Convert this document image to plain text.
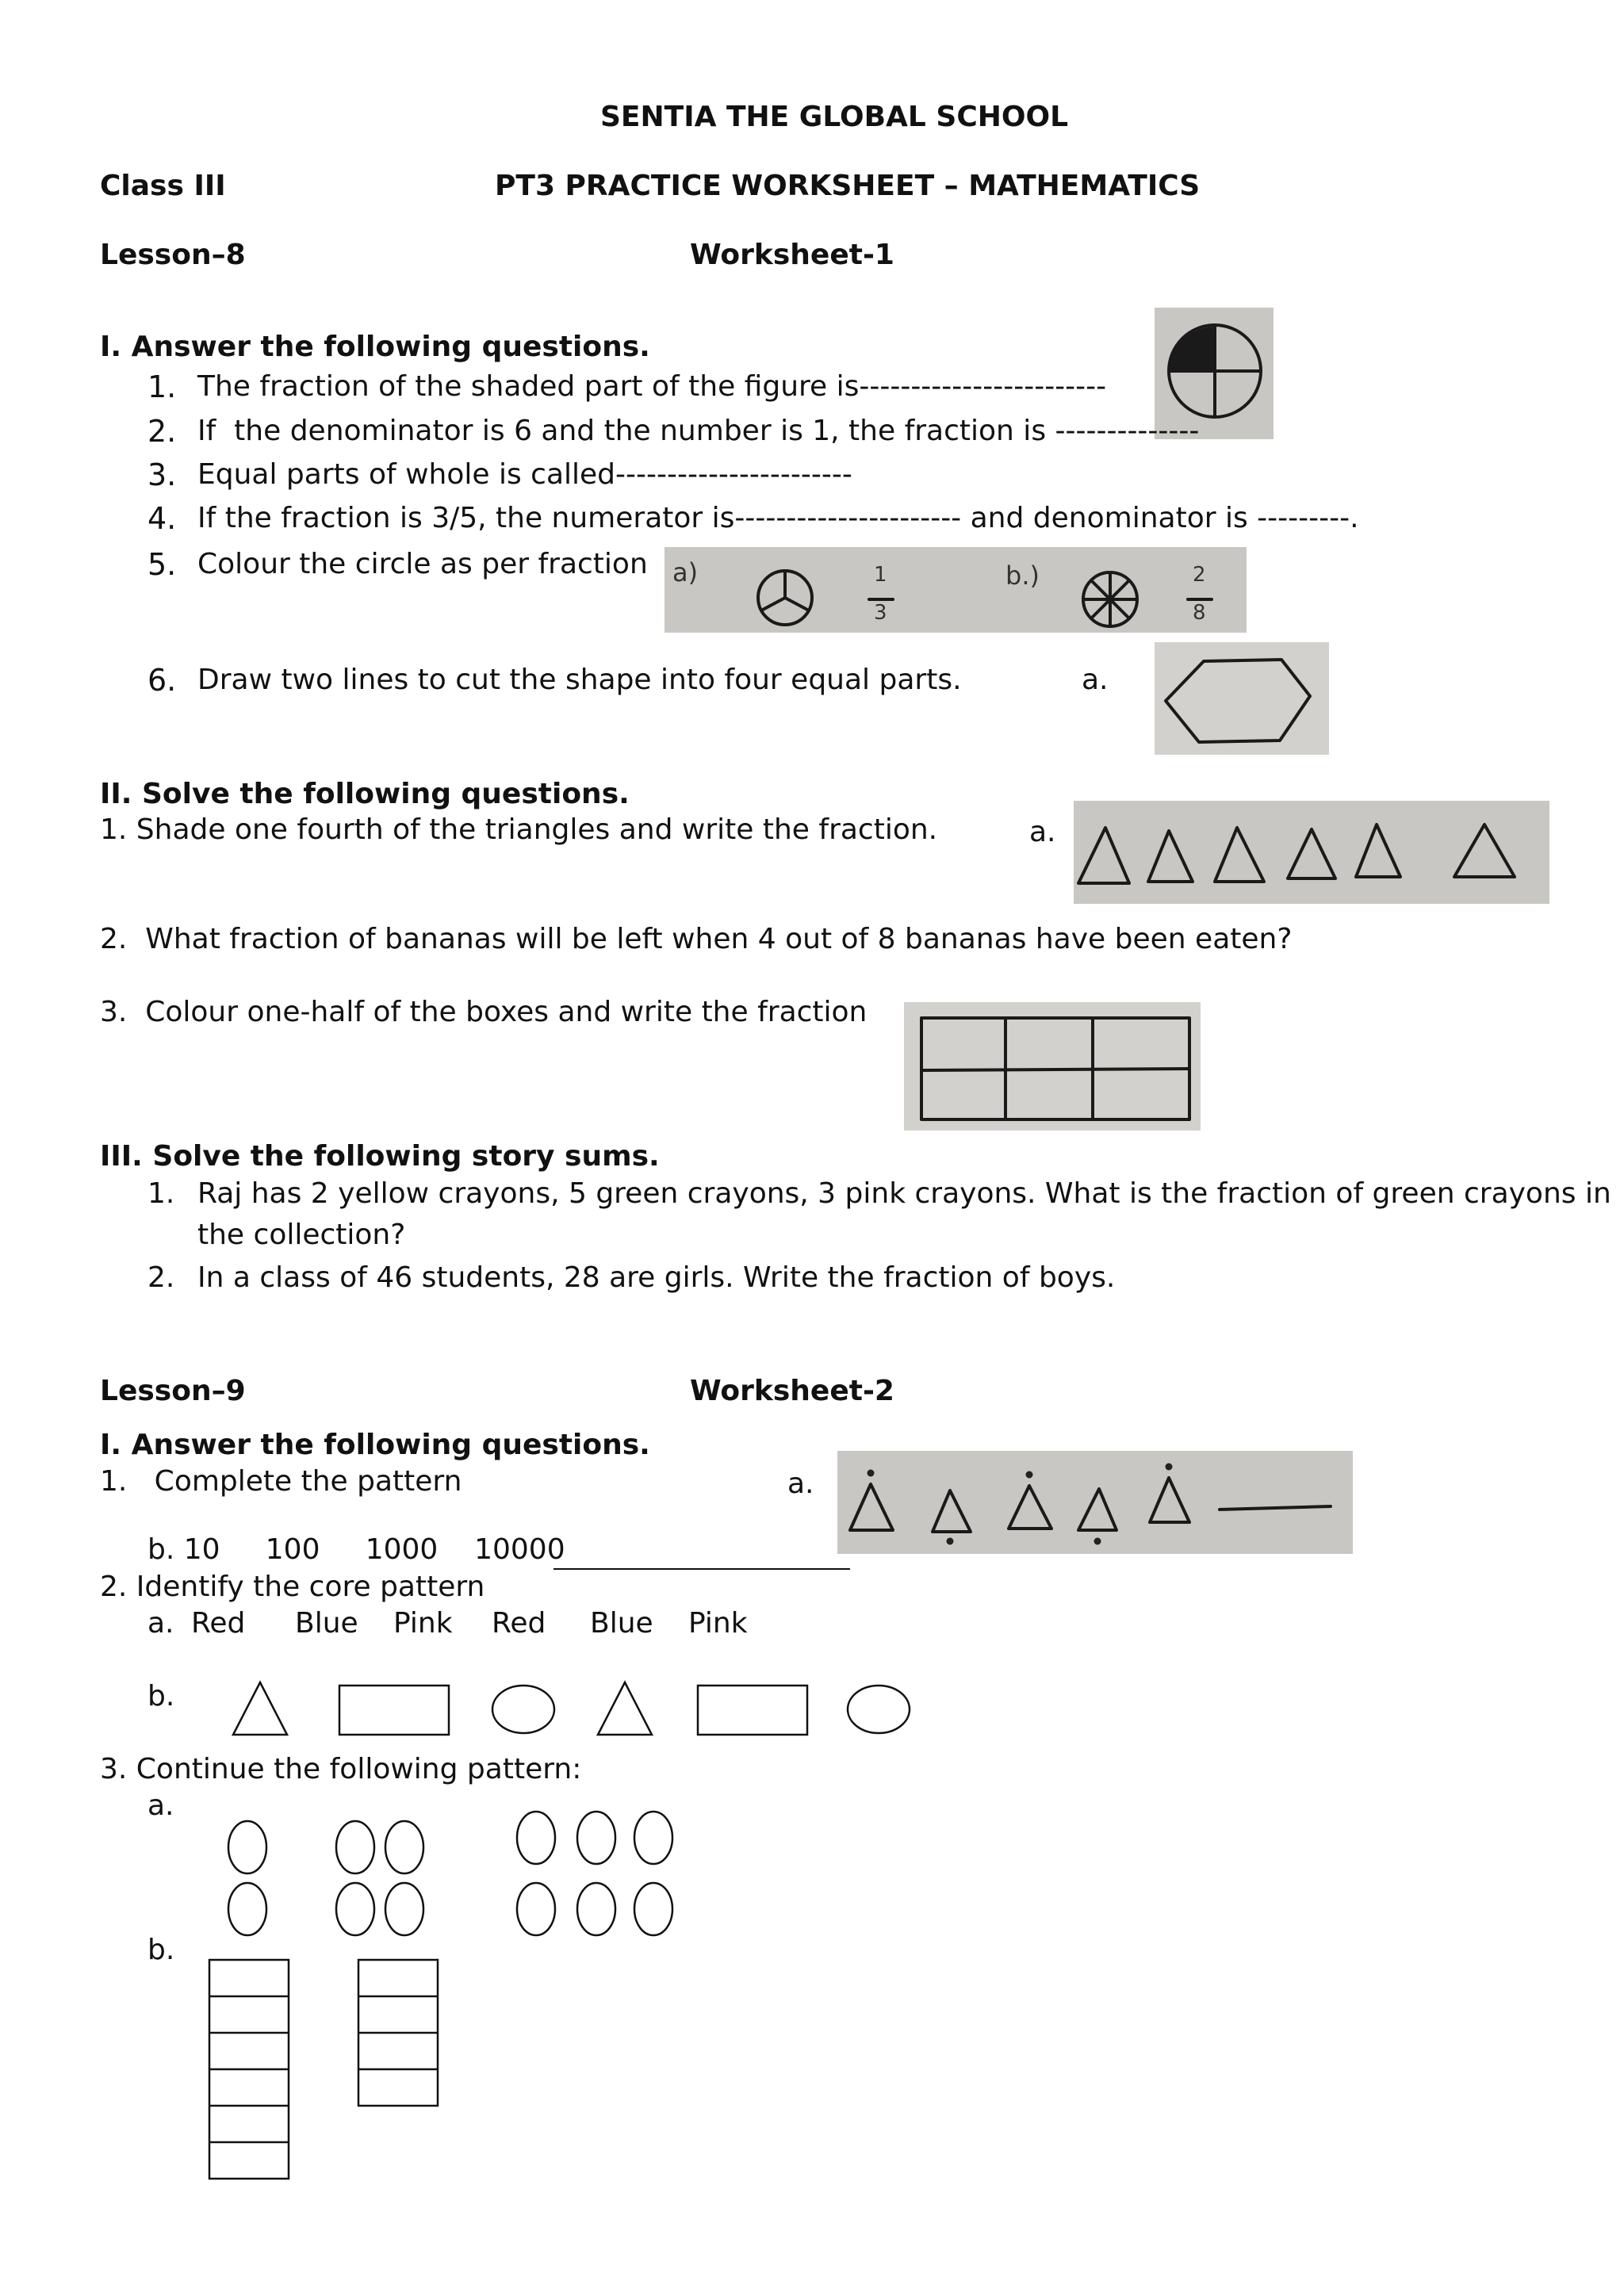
SENTIA THE GLOBAL SCHOOL
Class III	PT3 PRACTICE WORKSHEET – MATHEMATICS
Lesson–8	Worksheet-1
I. Answer the following questions.
1. The fraction of the shaded part of the figure is------------------------
2. If  the denominator is 6 and the number is 1, the fraction is --------------
3. Equal parts of whole is called-----------------------
4. If the fraction is 3/5, the numerator is---------------------- and denominator is ---------.
5. Colour the circle as per fraction a)	1
3
b.)	2
8
6. Draw two lines to cut the shape into four equal parts.	a.
II. Solve the following questions.
1. Shade one fourth of the triangles and write the fraction.	a.
2.  What fraction of bananas will be left when 4 out of 8 bananas have been eaten?
3.  Colour one-half of the boxes and write the fraction
III. Solve the following story sums.
1. Raj has 2 yellow crayons, 5 green crayons, 3 pink crayons. What is the fraction of green crayons in
the collection?
2. In a class of 46 students, 28 are girls. Write the fraction of boys.
Lesson–9	Worksheet-2
I. Answer the following questions.
1.   Complete the pattern	a.
b. 10     100     1000    10000
2. Identify the core pattern
a. Red Blue Pink Red Blue Pink
b.
3. Continue the following pattern:
a.
b.
